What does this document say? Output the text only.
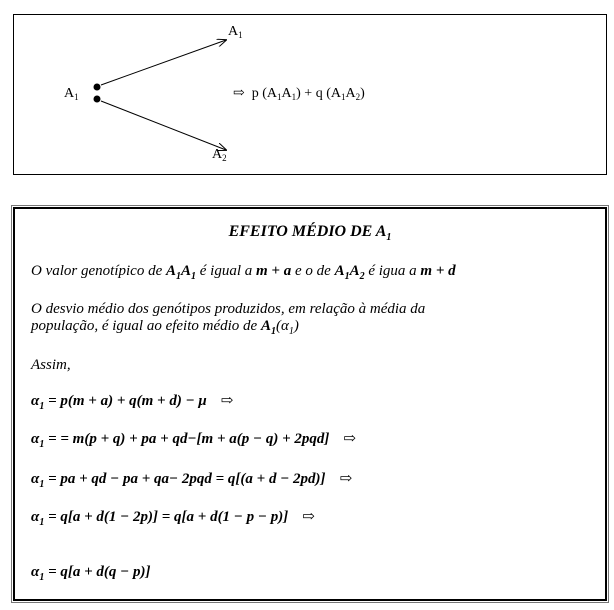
$A_1$
$A_1$
$A_2$
⇨ p $(A_1A_1) + q$ $(A_1A_2)$
EFEITO MÉDIO DE $A_1$
O valor genotípico de $A_1A_1$ é igual a m + a e o de $A_1A_2$ é igua a m + d
O desvio médio dos genótipos produzidos, em relação à média da
população, é igual ao efeito médio de $A_1(\alpha_1)$
Assim,
$\alpha_1 = p(m + a) + q(m + d) - \mu$ ⇨
$\alpha_1$ = = m(p + q) + pa + qd−[m + a(p − q) + 2pqd] ⇨
$\alpha_1$ = pa + qd − pa + qa− 2pqd = q[(a + d − 2pd)] ⇨
$\alpha_1 = q[a + d(1 - 2p)] = q[a + d(1 - p - p)]$ ⇨
$\alpha_1 = q[a + d(q - p)]$
